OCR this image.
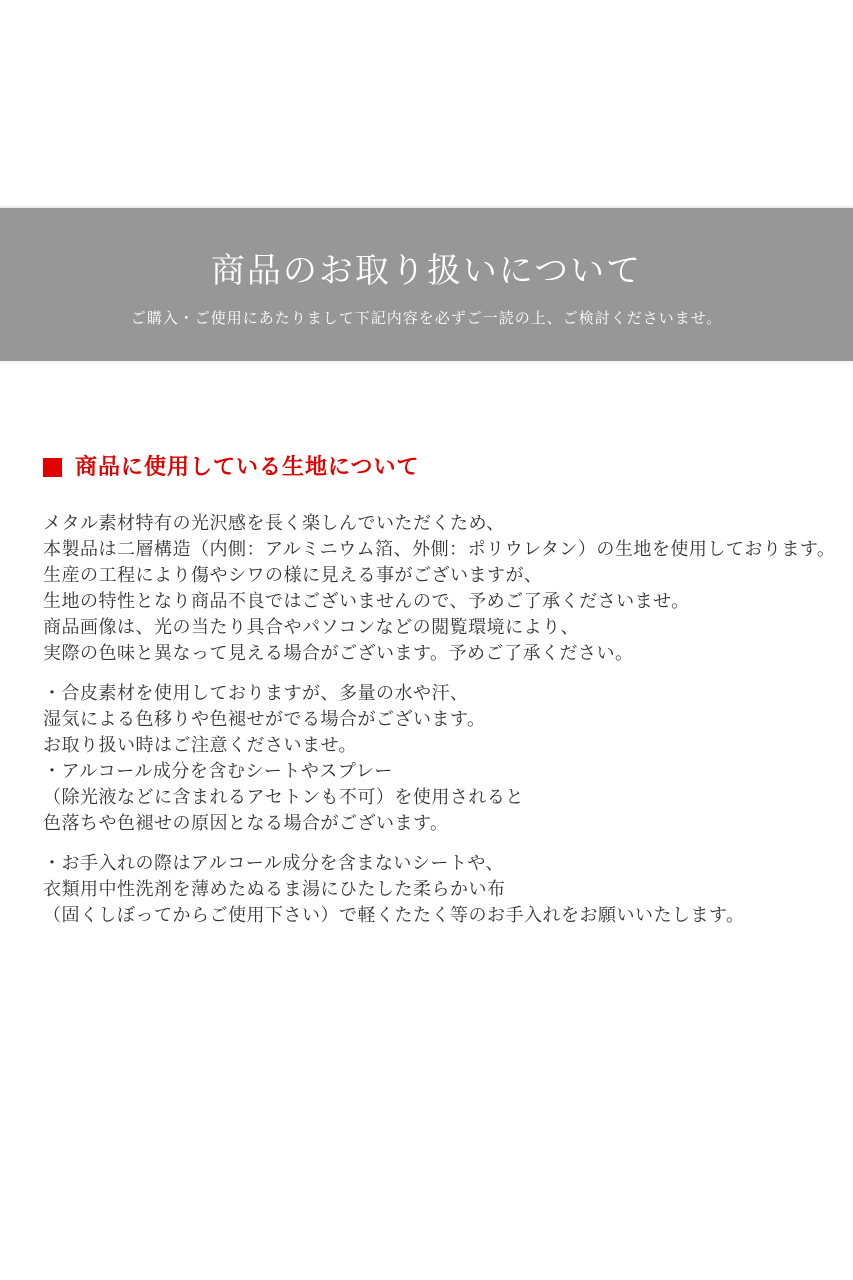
商品のお取り扱いについて

ご購入・ご使用にあたりまして下記内容を必ずご一読の上、ご検討くださいませ。

商品に使用している生地について
メタル素材特有の光沢感を長く楽しんでいただくため、
本製品は二層構造（内側：アルミニウム箔、外側：ポリウレタン）の生地を使用しております。
生産の工程により傷やシワの様に見える事がございますが、
生地の特性となり商品不良ではございませんので、予めご了承くださいませ。
商品画像は、光の当たり具合やパソコンなどの閲覧環境により、
実際の色味と異なって見える場合がございます。予めご了承ください。
・合皮素材を使用しておりますが、多量の水や汗、
湿気による色移りや色褪せがでる場合がございます。
お取り扱い時はご注意くださいませ。
・アルコール成分を含むシートやスプレー
（除光液などに含まれるアセトンも不可）を使用されると
色落ちや色褪せの原因となる場合がございます。
・お手入れの際はアルコール成分を含まないシートや、
衣類用中性洗剤を薄めたぬるま湯にひたした柔らかい布
（固くしぼってからご使用下さい）で軽くたたく等のお手入れをお願いいたします。
